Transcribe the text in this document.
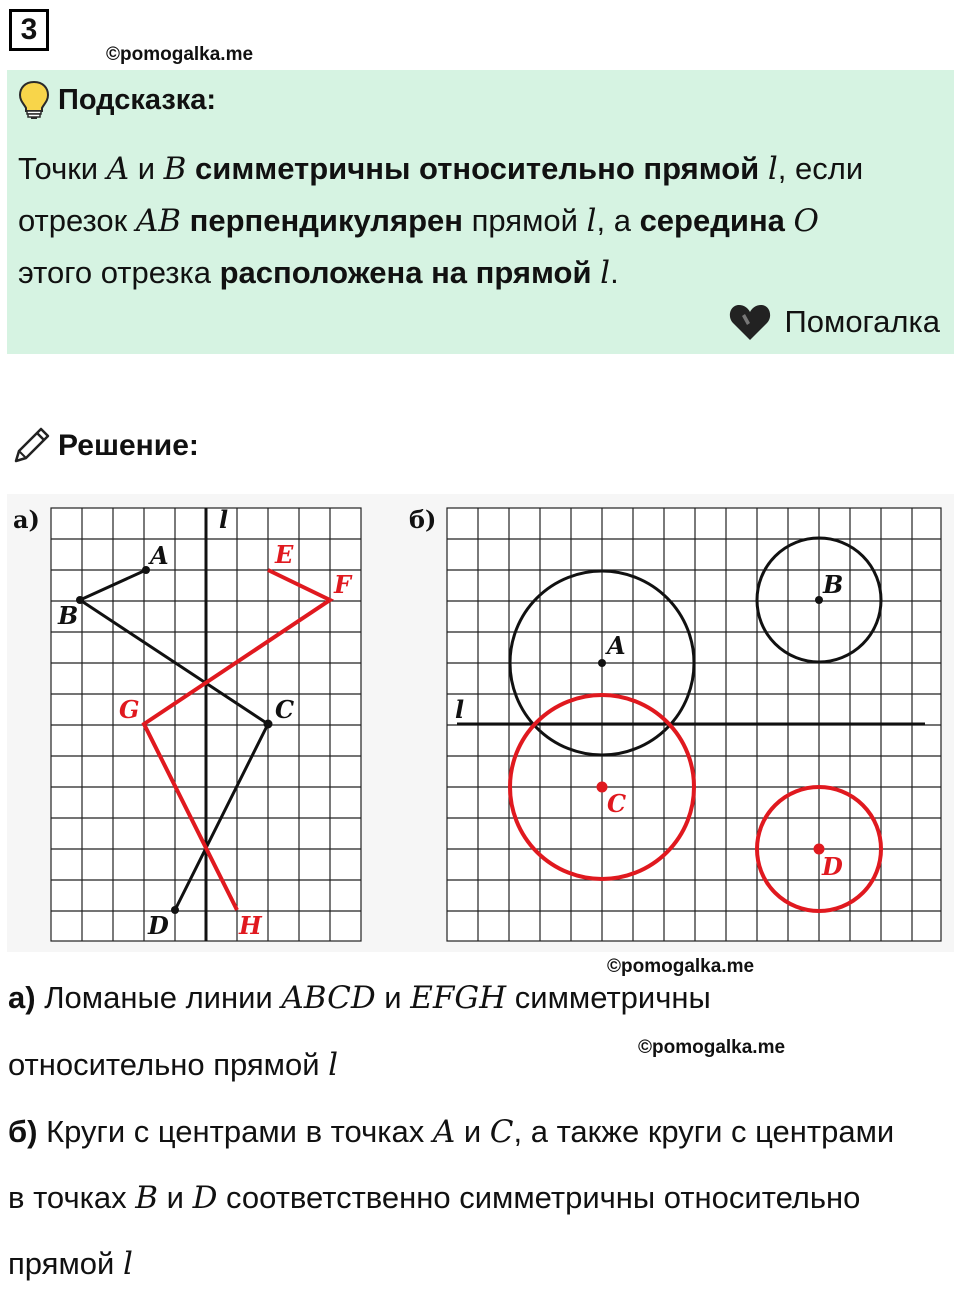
3
©pomogalka.me
Подсказка:
Точки A и B симметричны относительно прямой l, если
отрезок AB перпендикулярен прямой l, а середина O
этого отрезка расположена на прямой l.
Помогалка
Решение:
а)	l
A
B
C
D
E
F
G
H
б)
l
A
B
C
D
©pomogalka.me
а) Ломаные линии ABCD и EFGH симметричны
относительно прямой l	©pomogalka.me
б) Круги с центрами в точках A и C, а также круги с центрами
в точках B и D соответственно симметричны относительно
прямой l
